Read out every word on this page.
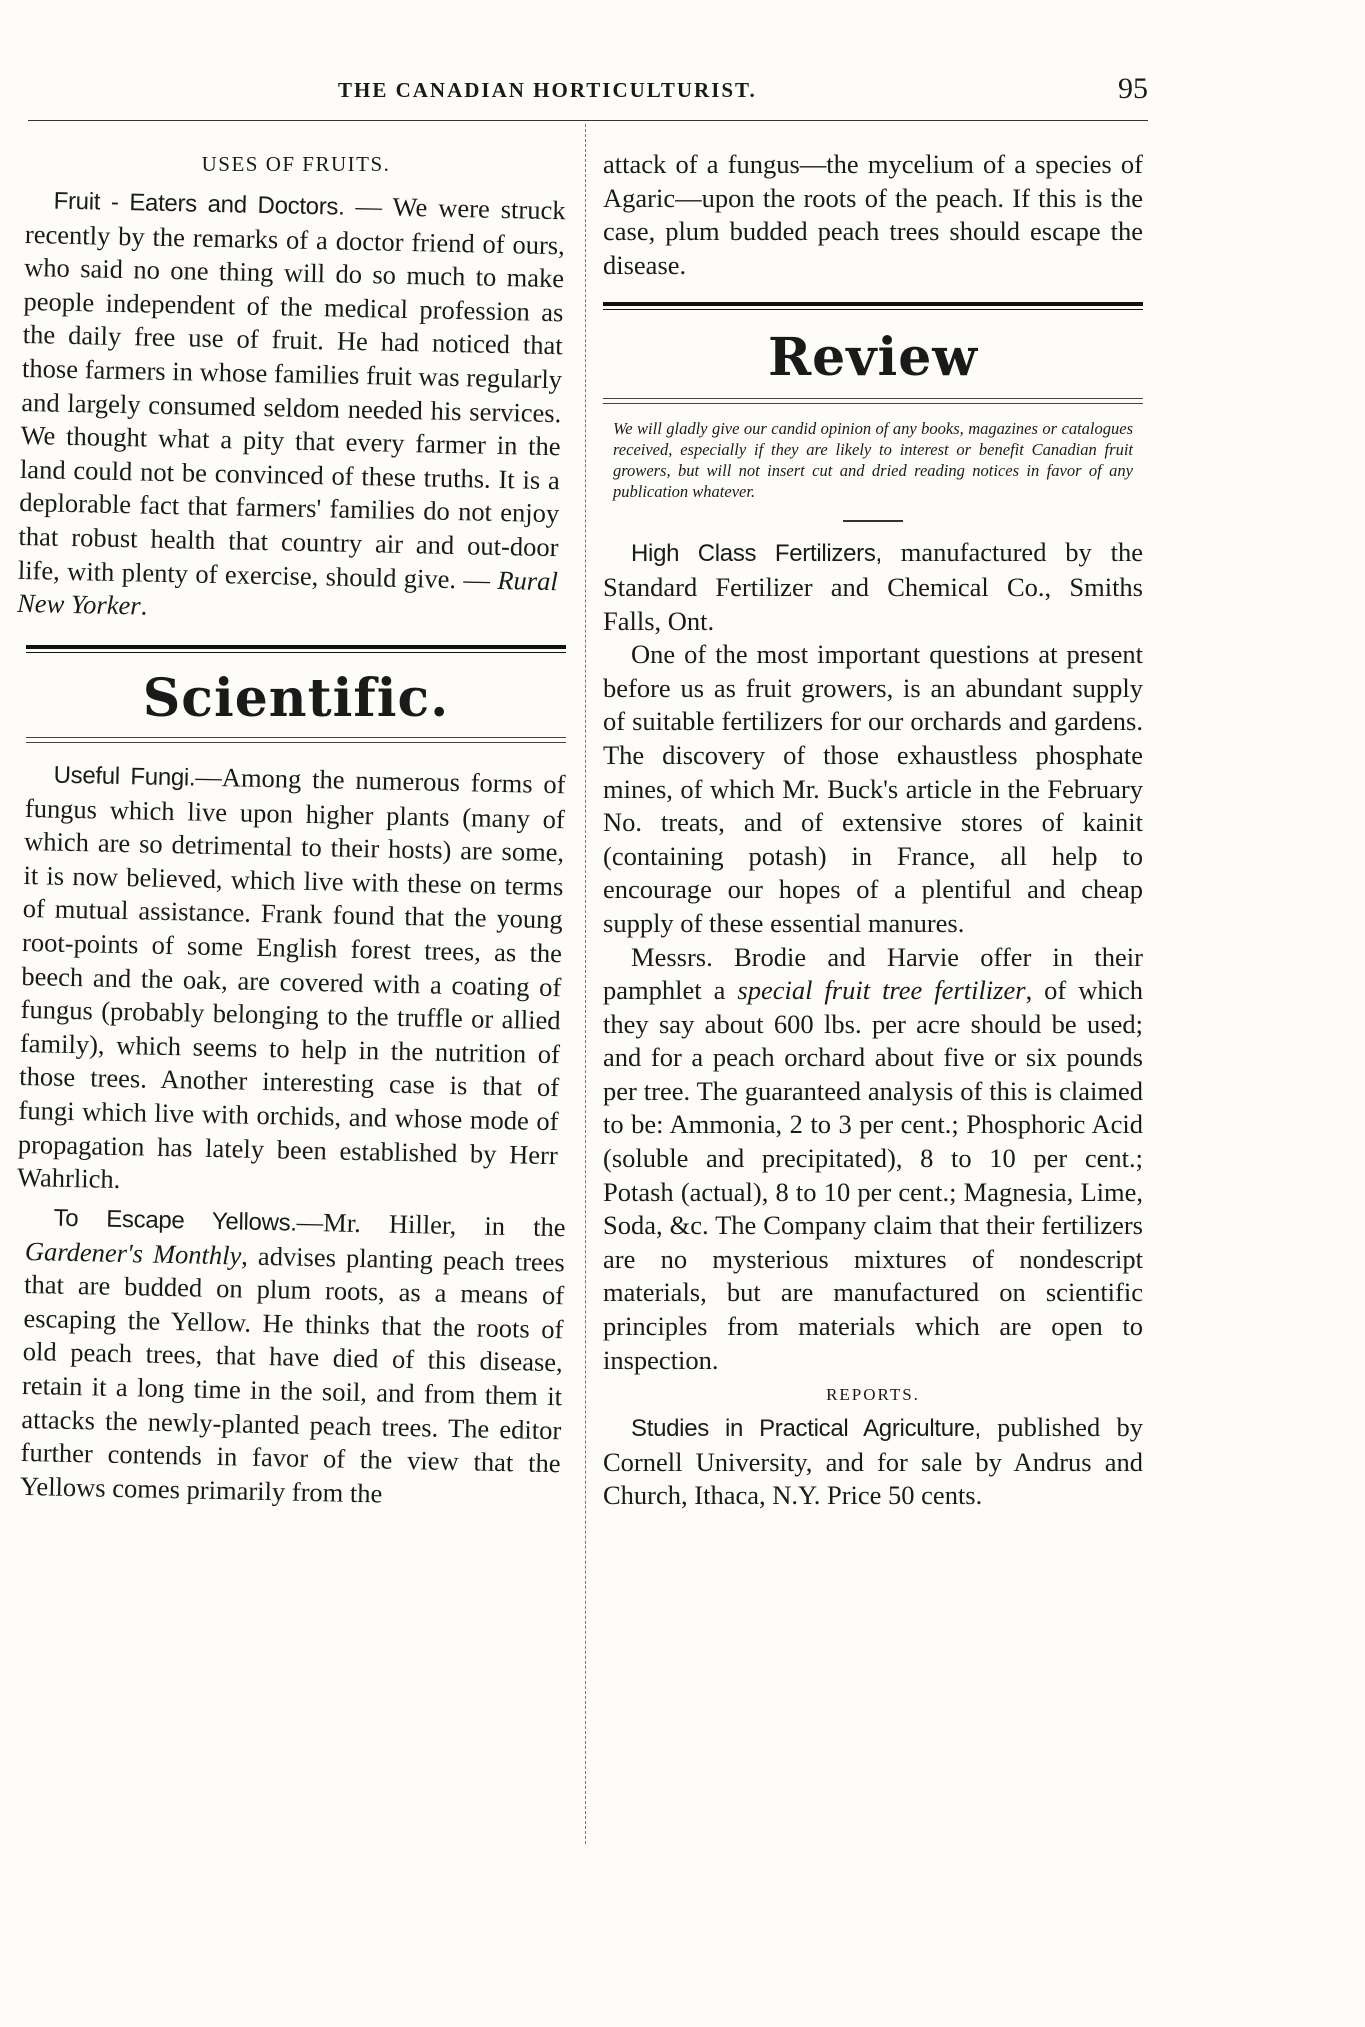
THE CANADIAN HORTICULTURIST.	95
USES OF FRUITS.

Fruit - Eaters and Doctors. — We were struck recently by the remarks of a doctor friend of ours, who said no one thing will do so much to make people independent of the medical profession as the daily free use of fruit. He had noticed that those farmers in whose families fruit was regularly and largely consumed seldom needed his services. We thought what a pity that every farmer in the land could not be convinced of these truths. It is a deplorable fact that farmers' families do not enjoy that robust health that country air and out-door life, with plenty of exercise, should give. — Rural New Yorker.

Scientific.

Useful Fungi.—Among the numerous forms of fungus which live upon higher plants (many of which are so detrimental to their hosts) are some, it is now believed, which live with these on terms of mutual assistance. Frank found that the young root-points of some English forest trees, as the beech and the oak, are covered with a coating of fungus (probably belonging to the truffle or allied family), which seems to help in the nutrition of those trees. Another interesting case is that of fungi which live with orchids, and whose mode of propagation has lately been established by Herr Wahrlich.

To Escape Yellows.—Mr. Hiller, in the Gardener's Monthly, advises planting peach trees that are budded on plum roots, as a means of escaping the Yellow. He thinks that the roots of old peach trees, that have died of this disease, retain it a long time in the soil, and from them it attacks the newly-planted peach trees. The editor further contends in favor of the view that the Yellows comes primarily from the

attack of a fungus—the mycelium of a species of Agaric—upon the roots of the peach. If this is the case, plum budded peach trees should escape the disease.

Review

We will gladly give our candid opinion of any books, magazines or catalogues received, especially if they are likely to interest or benefit Canadian fruit growers, but will not insert cut and dried reading notices in favor of any publication whatever.

High Class Fertilizers, manufactured by the Standard Fertilizer and Chemical Co., Smiths Falls, Ont.

One of the most important questions at present before us as fruit growers, is an abundant supply of suitable fertilizers for our orchards and gardens. The discovery of those exhaustless phosphate mines, of which Mr. Buck's article in the February No. treats, and of extensive stores of kainit (containing potash) in France, all help to encourage our hopes of a plentiful and cheap supply of these essential manures.

Messrs. Brodie and Harvie offer in their pamphlet a special fruit tree fertilizer, of which they say about 600 lbs. per acre should be used; and for a peach orchard about five or six pounds per tree. The guaranteed analysis of this is claimed to be: Ammonia, 2 to 3 per cent.; Phosphoric Acid (soluble and precipitated), 8 to 10 per cent.; Potash (actual), 8 to 10 per cent.; Magnesia, Lime, Soda, &c. The Company claim that their fertilizers are no mysterious mixtures of nondescript materials, but are manufactured on scientific principles from materials which are open to inspection.

REPORTS.

Studies in Practical Agriculture, published by Cornell University, and for sale by Andrus and Church, Ithaca, N.Y. Price 50 cents.
